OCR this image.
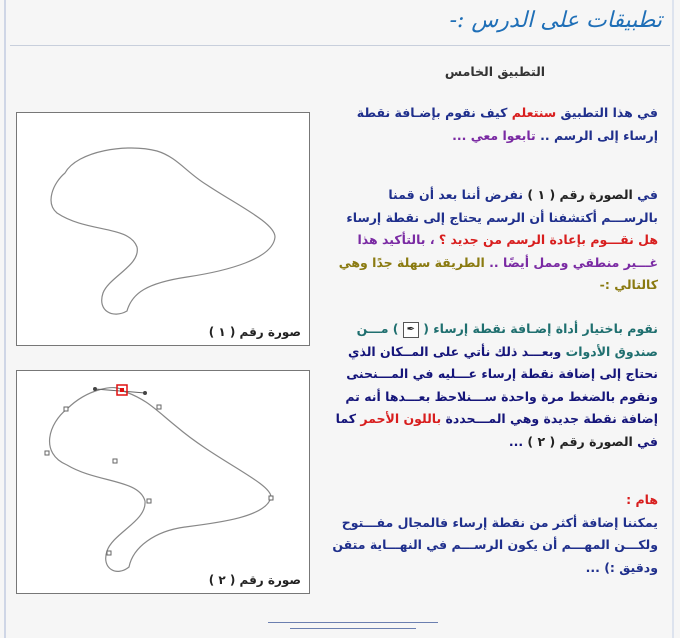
تطبيقات على الدرس :-
التطبيق الخامس
في هذا التطبيق سنتعلم كيف نقوم بإضـافة نقطة إرساء إلى الرسم .. تابعوا معي ...
في الصورة رقم ( ١ ) نفرض أننا بعد أن قمنا بالرســـم أكتشفنا أن الرسم يحتاج إلى نقطة إرساء هل نقـــوم بإعادة الرسم من جديد ؟ ، بالتأكيد هذا غـــير منطقي وممل أيضًا .. الطريقة سهلة جدًا وهي كالتالي :-
نقوم باختيار أداة إضـافة نقطة إرساء ( ✒ ) مـــن صندوق الأدوات وبعـــد ذلك نأتي على المــكان الذي نحتاج إلى إضافة نقطة إرساء عـــليه في المـــنحنى ونقوم بالضغط مرة واحدة ســـنلاحظ بعـــدها أنه تم إضافة نقطة جديدة وهي المـــحددة باللون الأحمر كما في الصورة رقم ( ٢ ) ...
هام :
يمكننا إضافة أكثر من نقطة إرساء فالمجال مفـــتوح ولكـــن المهـــم أن يكون الرســـم في النهـــاية متقن ودقيق :) ...
صورة رقم ( ١ )
صورة رقم ( ٢ )
